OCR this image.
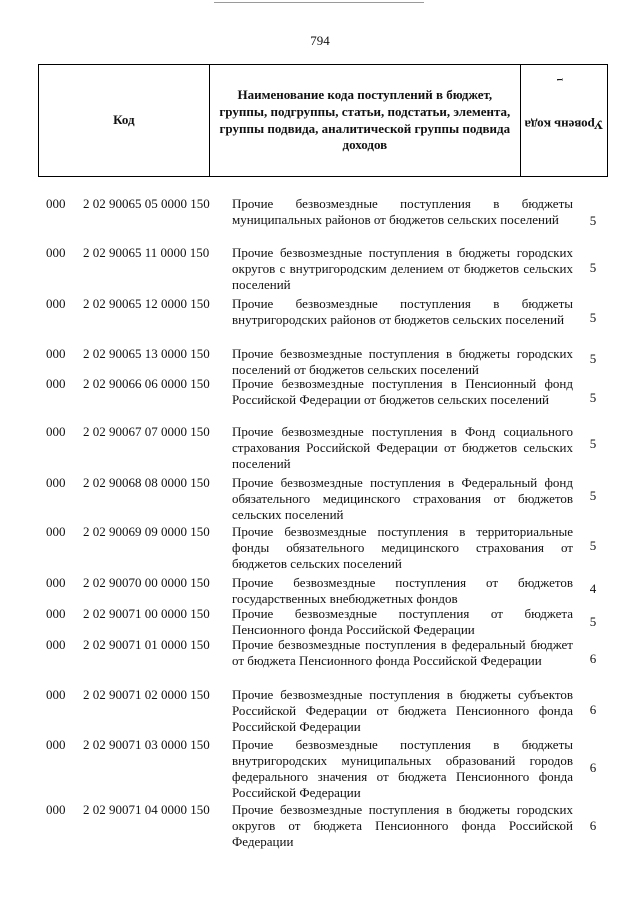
794
Код
Наименование кода поступлений в бюджет, группы, подгруппы, статьи, подстатьи, элемента, группы подвида, аналитической группы подвида доходов
Уровень кода $^1$
000 2 02 90065 05 0000 150 Прочие безвозмездные поступления в бюджеты муниципальных районов от бюджетов сельских поселений	5
000 2 02 90065 11 0000 150 Прочие безвозмездные поступления в бюджеты городских округов с внутригородским делением от бюджетов сельских поселений
5
000 2 02 90065 12 0000 150 Прочие безвозмездные поступления в бюджеты внутригородских районов от бюджетов сельских поселений	5
000 2 02 90065 13 0000 150 Прочие безвозмездные поступления в бюджеты городских поселений от бюджетов сельских поселений
5
000 2 02 90066 06 0000 150 Прочие безвозмездные поступления в Пенсионный фонд Российской Федерации от бюджетов сельских поселений	5
000 2 02 90067 07 0000 150 Прочие безвозмездные поступления в Фонд социального страхования Российской Федерации от бюджетов сельских поселений
5
000 2 02 90068 08 0000 150 Прочие безвозмездные поступления в Федеральный фонд обязательного медицинского страхования от бюджетов сельских поселений
5
000 2 02 90069 09 0000 150 Прочие безвозмездные поступления в территориальные фонды обязательного медицинского страхования от бюджетов сельских поселений
5
000 2 02 90070 00 0000 150 Прочие безвозмездные поступления от бюджетов государственных внебюджетных фондов
4
000 2 02 90071 00 0000 150 Прочие безвозмездные поступления от бюджета Пенсионного фонда Российской Федерации
5
000 2 02 90071 01 0000 150 Прочие безвозмездные поступления в федеральный бюджет от бюджета Пенсионного фонда Российской Федерации	6
000 2 02 90071 02 0000 150 Прочие безвозмездные поступления в бюджеты субъектов Российской Федерации от бюджета Пенсионного фонда Российской Федерации
6
000 2 02 90071 03 0000 150 Прочие безвозмездные поступления в бюджеты внутригородских муниципальных образований городов федерального значения от бюджета Пенсионного фонда Российской Федерации
6
000 2 02 90071 04 0000 150 Прочие безвозмездные поступления в бюджеты городских округов от бюджета Пенсионного фонда Российской Федерации
6
